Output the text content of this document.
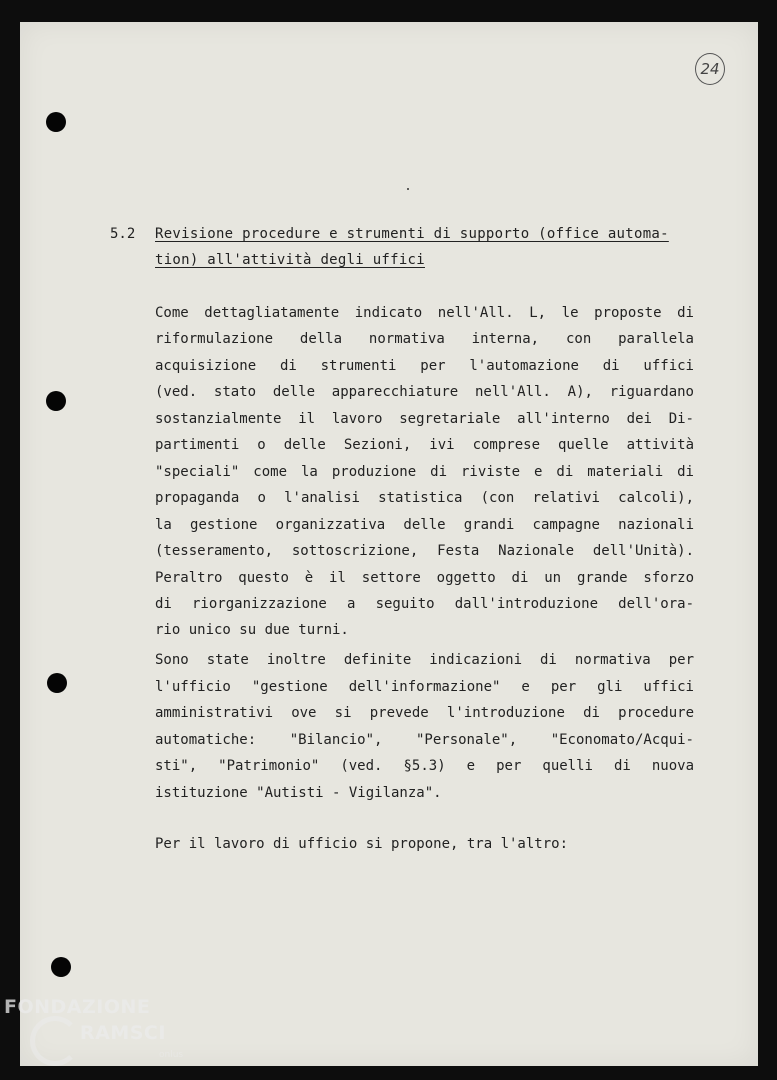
24
5.2 Revisione procedure e strumenti di supporto (office automa-
tion) all'attività degli uffici
Come dettagliatamente indicato nell'All. L, le proposte di
riformulazione della normativa interna, con parallela
acquisizione di strumenti per l'automazione di uffici
(ved. stato delle apparecchiature nell'All. A), riguardano
sostanzialmente il lavoro segretariale all'interno dei Di-
partimenti o delle Sezioni, ivi comprese quelle attività
"speciali" come la produzione di riviste e di materiali di
propaganda o l'analisi statistica (con relativi calcoli),
la gestione organizzativa delle grandi campagne nazionali
(tesseramento, sottoscrizione, Festa Nazionale dell'Unità).
Peraltro questo è il settore oggetto di un grande sforzo
di riorganizzazione a seguito dall'introduzione dell'ora-
rio unico su due turni.
Sono state inoltre definite indicazioni di normativa per
l'ufficio "gestione dell'informazione" e per gli uffici
amministrativi ove si prevede l'introduzione di procedure
automatiche: "Bilancio", "Personale", "Economato/Acqui-
sti", "Patrimonio" (ved. §5.3) e per quelli di nuova
istituzione "Autisti - Vigilanza".
Per il lavoro di ufficio si propone, tra l'altro:
FONDAZIONE
RAMSCI
onlus
